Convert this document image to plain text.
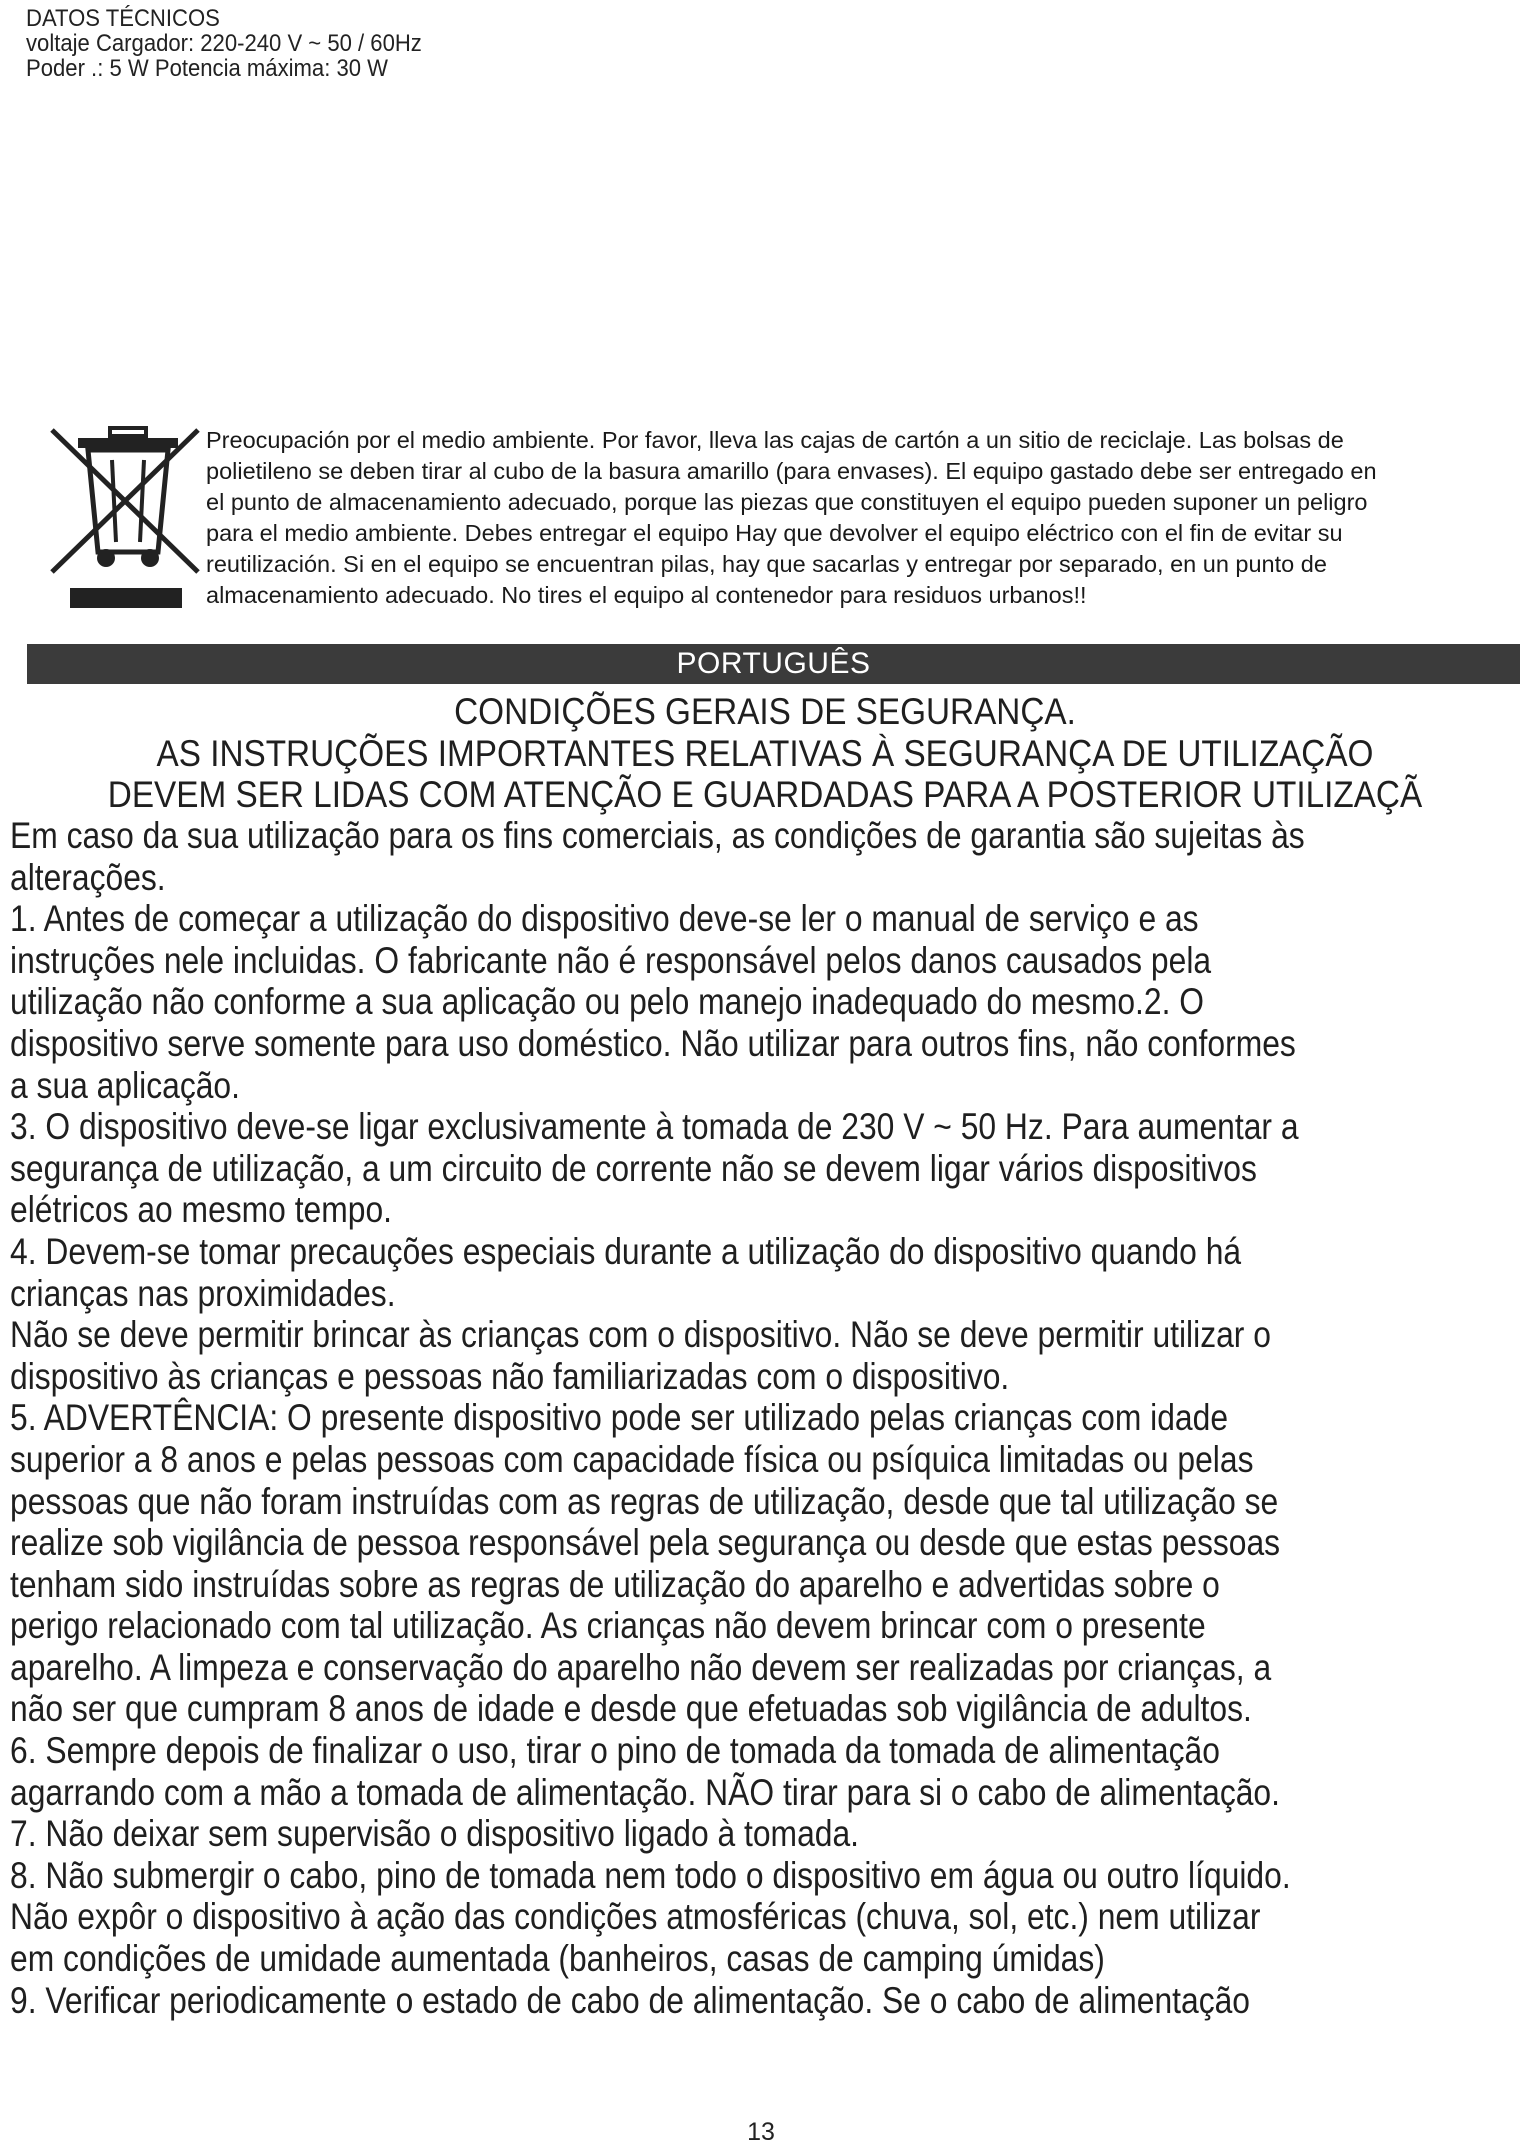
DATOS TÉCNICOS
voltaje Cargador: 220-240 V ~ 50 / 60Hz
Poder .: 5 W Potencia máxima: 30 W
Preocupación por el medio ambiente. Por favor, lleva las cajas de cartón a un sitio de reciclaje. Las bolsas de
polietileno se deben tirar al cubo de la basura amarillo (para envases). El equipo gastado debe ser entregado en
el punto de almacenamiento adecuado, porque las piezas que constituyen el equipo pueden suponer un peligro
para el medio ambiente. Debes entregar el equipo Hay que devolver el equipo eléctrico con el fin de evitar su
reutilización. Si en el equipo se encuentran pilas, hay que sacarlas y entregar por separado, en un punto de
almacenamiento adecuado. No tires el equipo al contenedor para residuos urbanos!!
PORTUGUÊS
CONDIÇÕES GERAIS DE SEGURANÇA.
AS INSTRUÇÕES IMPORTANTES RELATIVAS À SEGURANÇA DE UTILIZAÇÃO
DEVEM SER LIDAS COM ATENÇÃO E GUARDADAS PARA A POSTERIOR UTILIZAÇÃ
Em caso da sua utilização para os fins comerciais, as condições de garantia são sujeitas às
alterações.
1. Antes de começar a utilização do dispositivo deve-se ler o manual de serviço e as
instruções nele incluidas. O fabricante não é responsável pelos danos causados pela
utilização não conforme a sua aplicação ou pelo manejo inadequado do mesmo.2. O
dispositivo serve somente para uso doméstico. Não utilizar para outros fins, não conformes
a sua aplicação.
3. O dispositivo deve-se ligar exclusivamente à tomada de 230 V ~ 50 Hz. Para aumentar a
segurança de utilização, a um circuito de corrente não se devem ligar vários dispositivos
elétricos ao mesmo tempo.
4. Devem-se tomar precauções especiais durante a utilização do dispositivo quando há
crianças nas proximidades.
Não se deve permitir brincar às crianças com o dispositivo. Não se deve permitir utilizar o
dispositivo às crianças e pessoas não familiarizadas com o dispositivo.
5. ADVERTÊNCIA: O presente dispositivo pode ser utilizado pelas crianças com idade
superior a 8 anos e pelas pessoas com capacidade física ou psíquica limitadas ou pelas
pessoas que não foram instruídas com as regras de utilização, desde que tal utilização se
realize sob vigilância de pessoa responsável pela segurança ou desde que estas pessoas
tenham sido instruídas sobre as regras de utilização do aparelho e advertidas sobre o
perigo relacionado com tal utilização. As crianças não devem brincar com o presente
aparelho. A limpeza e conservação do aparelho não devem ser realizadas por crianças, a
não ser que cumpram 8 anos de idade e desde que efetuadas sob vigilância de adultos.
6. Sempre depois de finalizar o uso, tirar o pino de tomada da tomada de alimentação
agarrando com a mão a tomada de alimentação. NÃO tirar para si o cabo de alimentação.
7. Não deixar sem supervisão o dispositivo ligado à tomada.
8. Não submergir o cabo, pino de tomada nem todo o dispositivo em água ou outro líquido.
Não expôr o dispositivo à ação das condições atmosféricas (chuva, sol, etc.) nem utilizar
em condições de umidade aumentada (banheiros, casas de camping úmidas)
9. Verificar periodicamente o estado de cabo de alimentação. Se o cabo de alimentação
13
